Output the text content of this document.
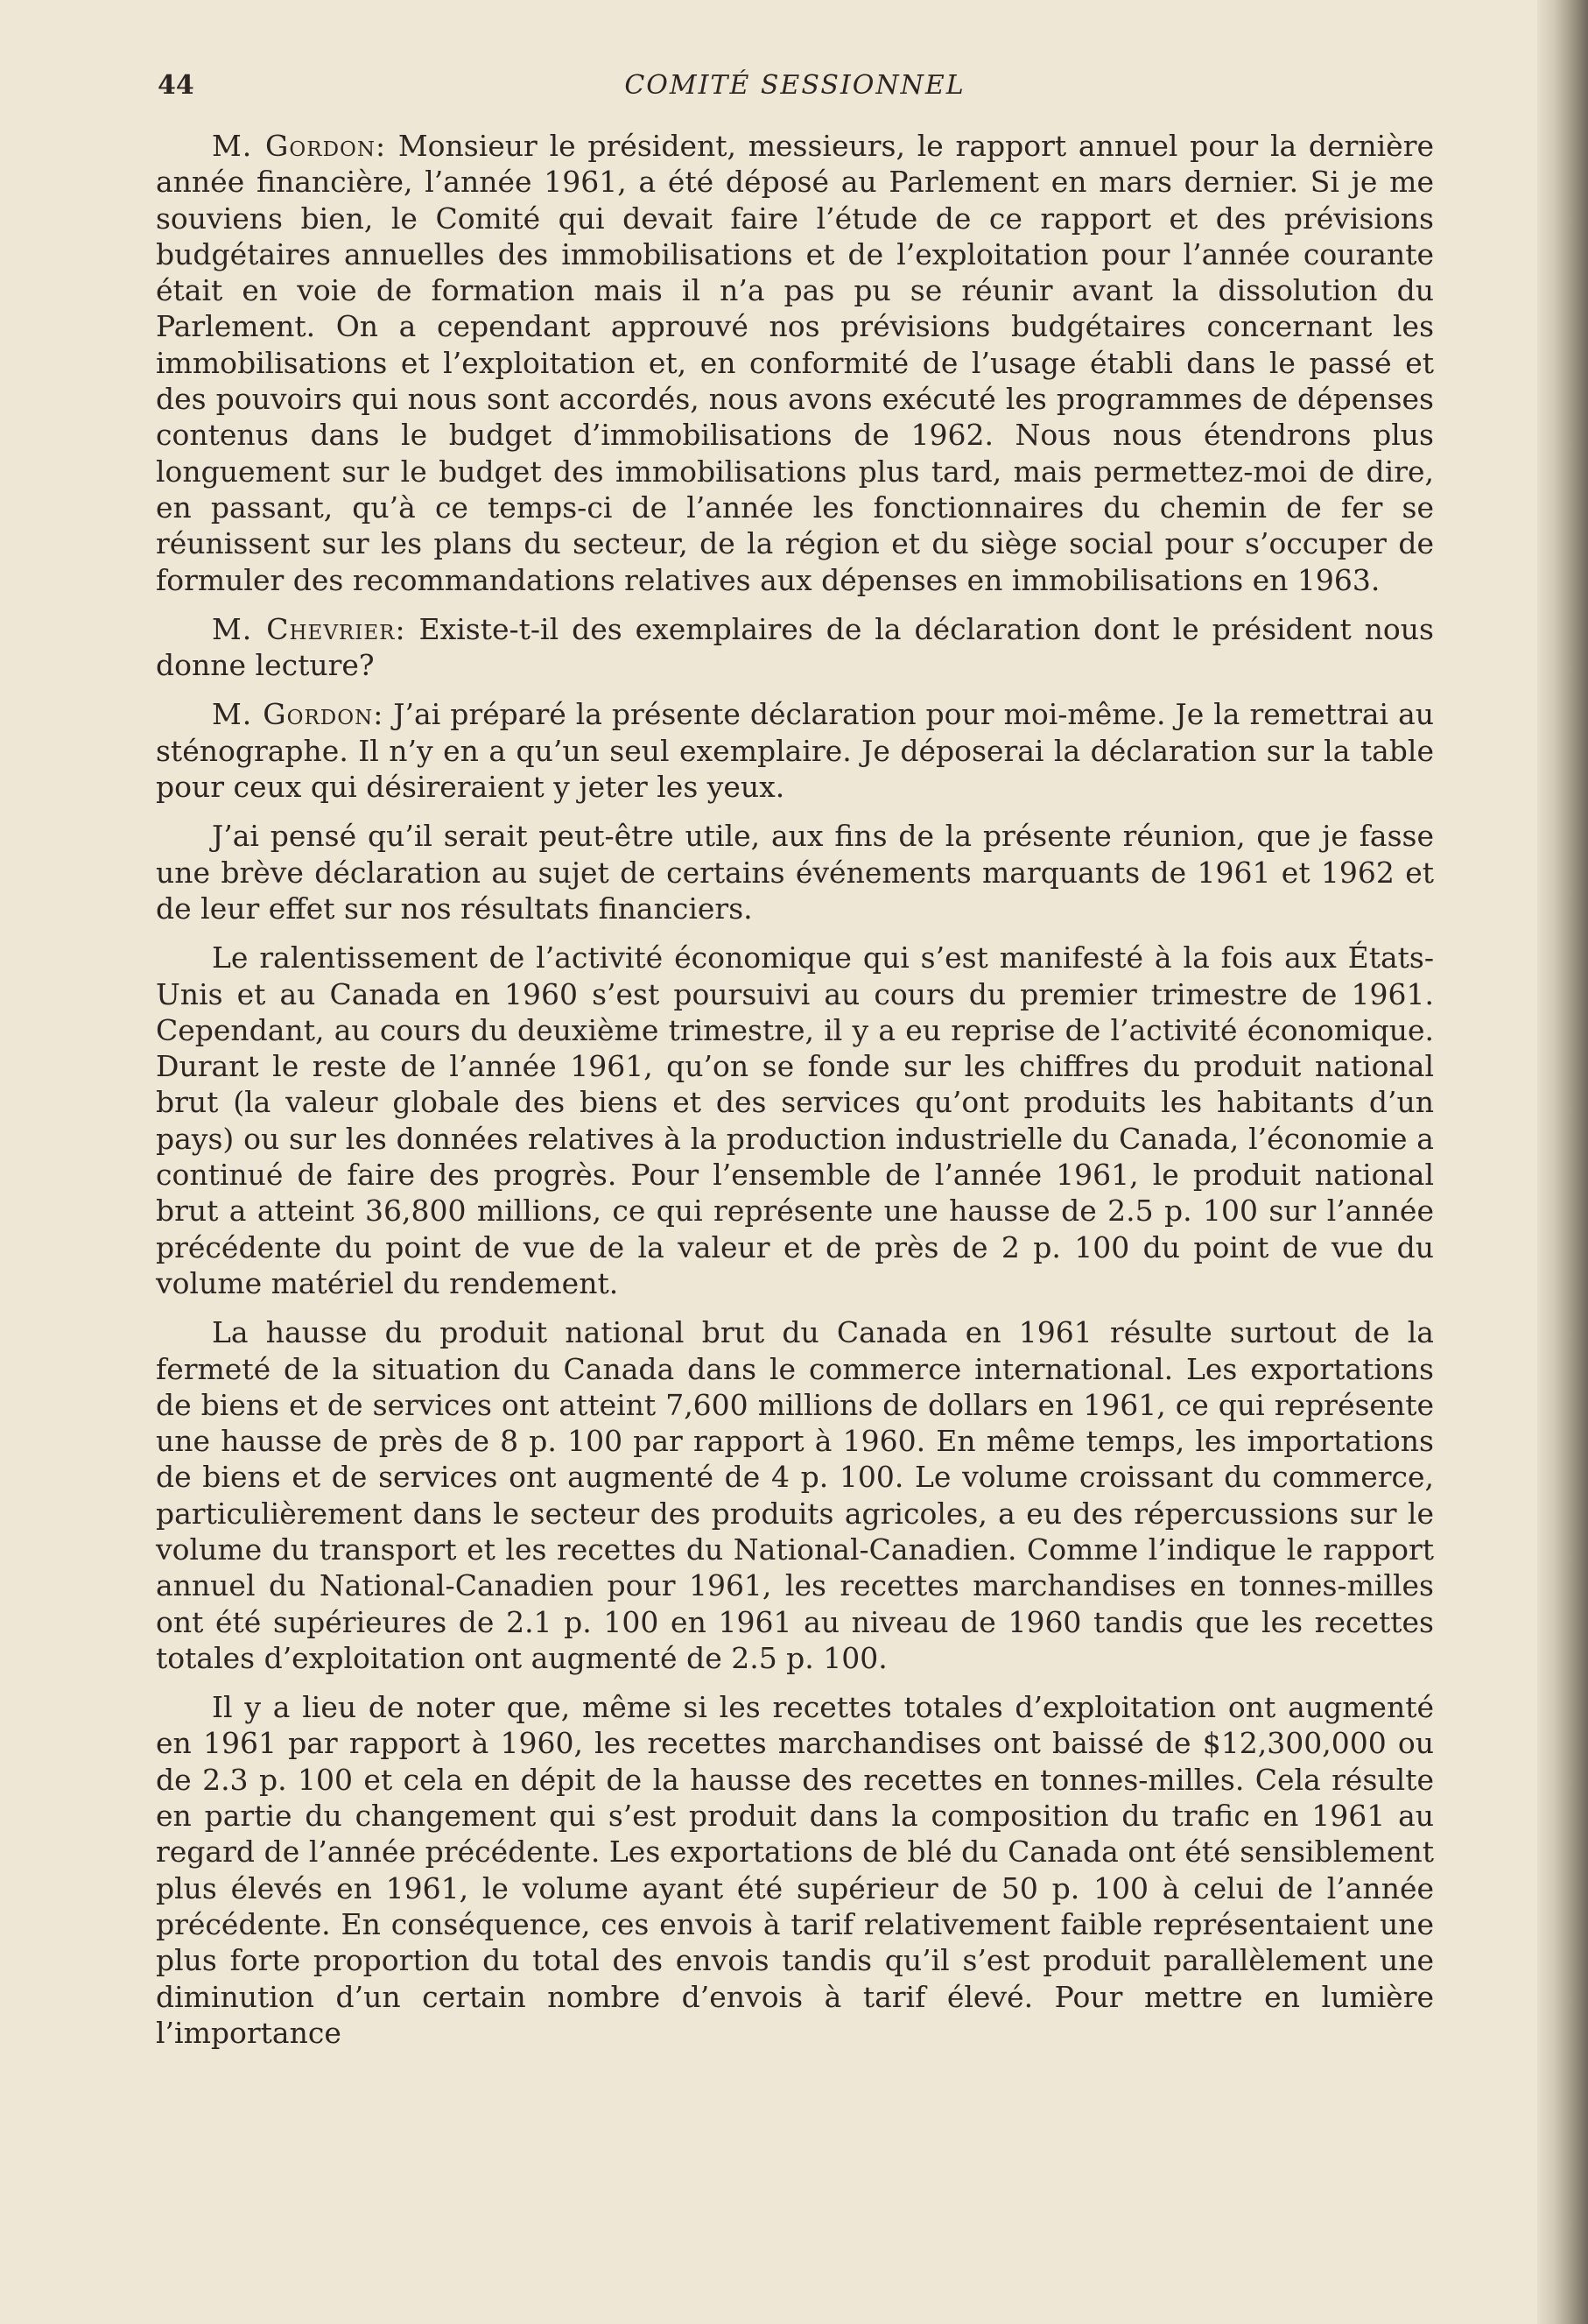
44	COMITÉ SESSIONNEL

M. Gordon: Monsieur le président, messieurs, le rapport annuel pour la dernière année financière, l’année 1961, a été déposé au Parlement en mars dernier. Si je me souviens bien, le Comité qui devait faire l’étude de ce rapport et des prévisions budgétaires annuelles des immobilisations et de l’exploitation pour l’année courante était en voie de formation mais il n’a pas pu se réunir avant la dissolution du Parlement. On a cependant approuvé nos prévisions budgétaires concernant les immobilisations et l’exploitation et, en conformité de l’usage établi dans le passé et des pouvoirs qui nous sont accordés, nous avons exécuté les programmes de dépenses contenus dans le budget d’immobilisations de 1962. Nous nous étendrons plus longuement sur le budget des immobilisations plus tard, mais permettez-moi de dire, en passant, qu’à ce temps-ci de l’année les fonctionnaires du chemin de fer se réunissent sur les plans du secteur, de la région et du siège social pour s’occuper de formuler des recommandations relatives aux dépenses en immobilisations en 1963.

M. Chevrier: Existe-t-il des exemplaires de la déclaration dont le président nous donne lecture?

M. Gordon: J’ai préparé la présente déclaration pour moi-même. Je la remettrai au sténographe. Il n’y en a qu’un seul exemplaire. Je déposerai la déclaration sur la table pour ceux qui désireraient y jeter les yeux.

J’ai pensé qu’il serait peut-être utile, aux fins de la présente réunion, que je fasse une brève déclaration au sujet de certains événements marquants de 1961 et 1962 et de leur effet sur nos résultats financiers.

Le ralentissement de l’activité économique qui s’est manifesté à la fois aux États-Unis et au Canada en 1960 s’est poursuivi au cours du premier trimestre de 1961. Cependant, au cours du deuxième trimestre, il y a eu reprise de l’activité économique. Durant le reste de l’année 1961, qu’on se fonde sur les chiffres du produit national brut (la valeur globale des biens et des services qu’ont produits les habitants d’un pays) ou sur les données relatives à la production industrielle du Canada, l’économie a continué de faire des progrès. Pour l’ensemble de l’année 1961, le produit national brut a atteint 36,800 millions, ce qui représente une hausse de 2.5 p. 100 sur l’année précédente du point de vue de la valeur et de près de 2 p. 100 du point de vue du volume matériel du rendement.

La hausse du produit national brut du Canada en 1961 résulte surtout de la fermeté de la situation du Canada dans le commerce international. Les exportations de biens et de services ont atteint 7,600 millions de dollars en 1961, ce qui représente une hausse de près de 8 p. 100 par rapport à 1960. En même temps, les importations de biens et de services ont augmenté de 4 p. 100. Le volume croissant du commerce, particulièrement dans le secteur des produits agricoles, a eu des répercussions sur le volume du transport et les recettes du National-Canadien. Comme l’indique le rapport annuel du National-Canadien pour 1961, les recettes marchandises en tonnes-milles ont été supérieures de 2.1 p. 100 en 1961 au niveau de 1960 tandis que les recettes totales d’exploitation ont augmenté de 2.5 p. 100.

Il y a lieu de noter que, même si les recettes totales d’exploitation ont augmenté en 1961 par rapport à 1960, les recettes marchandises ont baissé de $12,300,000 ou de 2.3 p. 100 et cela en dépit de la hausse des recettes en tonnes-milles. Cela résulte en partie du changement qui s’est produit dans la composition du trafic en 1961 au regard de l’année précédente. Les exportations de blé du Canada ont été sensiblement plus élevés en 1961, le volume ayant été supérieur de 50 p. 100 à celui de l’année précédente. En conséquence, ces envois à tarif relativement faible représentaient une plus forte proportion du total des envois tandis qu’il s’est produit parallèlement une diminution d’un certain nombre d’envois à tarif élevé. Pour mettre en lumière l’importance
